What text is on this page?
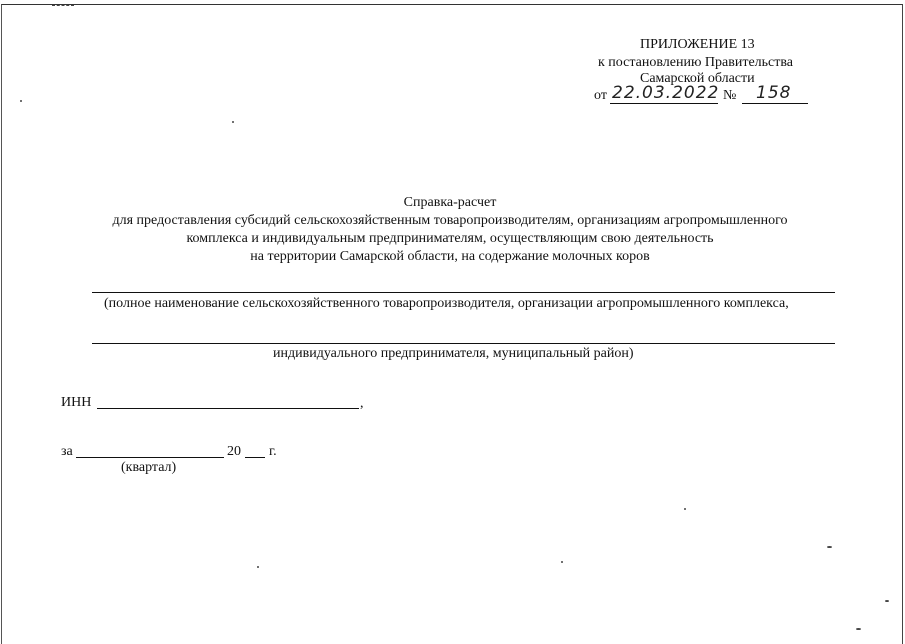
ПРИЛОЖЕНИЕ 13
к постановлению Правительства
Самарской области
от 22.03.2022 № 158
Справка-расчет
для предоставления субсидий сельскохозяйственным товаропроизводителям, организациям агропромышленного
комплекса и индивидуальным предпринимателям, осуществляющим свою деятельность
на территории Самарской области, на содержание молочных коров
(полное наименование сельскохозяйственного товаропроизводителя, организации агропромышленного комплекса,
индивидуального предпринимателя, муниципальный район)
ИНН	,
за	20 г.
(квартал)
